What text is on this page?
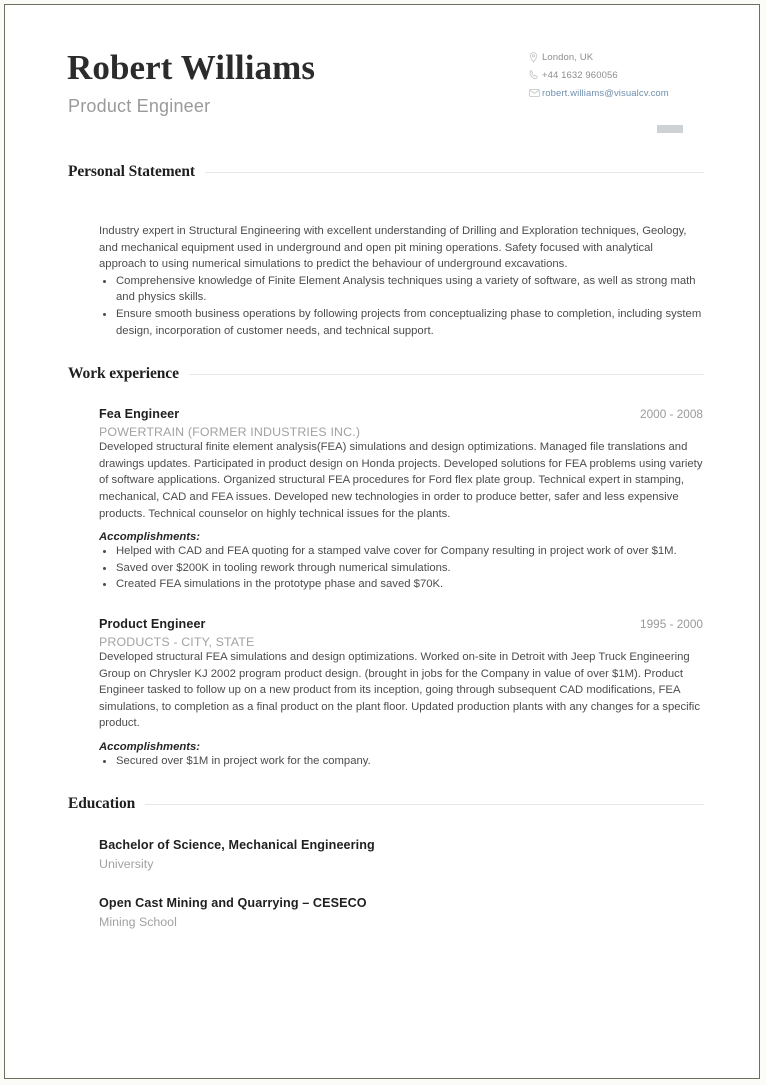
Robert Williams
Product Engineer
London, UK
+44 1632 960056
robert.williams@visualcv.com
Personal Statement

Industry expert in Structural Engineering with excellent understanding of Drilling and Exploration techniques, Geology, and mechanical equipment used in underground and open pit mining operations. Safety focused with analytical approach to using numerical simulations to predict the behaviour of underground excavations.

Comprehensive knowledge of Finite Element Analysis techniques using a variety of software, as well as strong math and physics skills.
Ensure smooth business operations by following projects from conceptualizing phase to completion, including system design, incorporation of customer needs, and technical support.
Work experience
Fea Engineer	2000 - 2008
POWERTRAIN (FORMER INDUSTRIES INC.)

Developed structural finite element analysis(FEA) simulations and design optimizations. Managed file translations and drawings updates. Participated in product design on Honda projects. Developed solutions for FEA problems using variety of software applications. Organized structural FEA procedures for Ford flex plate group. Technical expert in stamping, mechanical, CAD and FEA issues. Developed new technologies in order to produce better, safer and less expensive products. Technical counselor on highly technical issues for the plants.

Accomplishments:
Helped with CAD and FEA quoting for a stamped valve cover for Company resulting in project work of over $1M.
Saved over $200K in tooling rework through numerical simulations.
Created FEA simulations in the prototype phase and saved $70K.
Product Engineer	1995 - 2000
PRODUCTS - CITY, STATE

Developed structural FEA simulations and design optimizations. Worked on-site in Detroit with Jeep Truck Engineering Group on Chrysler KJ 2002 program product design. (brought in jobs for the Company in value of over $1M). Product Engineer tasked to follow up on a new product from its inception, going through subsequent CAD modifications, FEA simulations, to completion as a final product on the plant floor. Updated production plants with any changes for a specific product.

Accomplishments:
Secured over $1M in project work for the company.
Education
Bachelor of Science, Mechanical Engineering
University
Open Cast Mining and Quarrying – CESECO
Mining School
